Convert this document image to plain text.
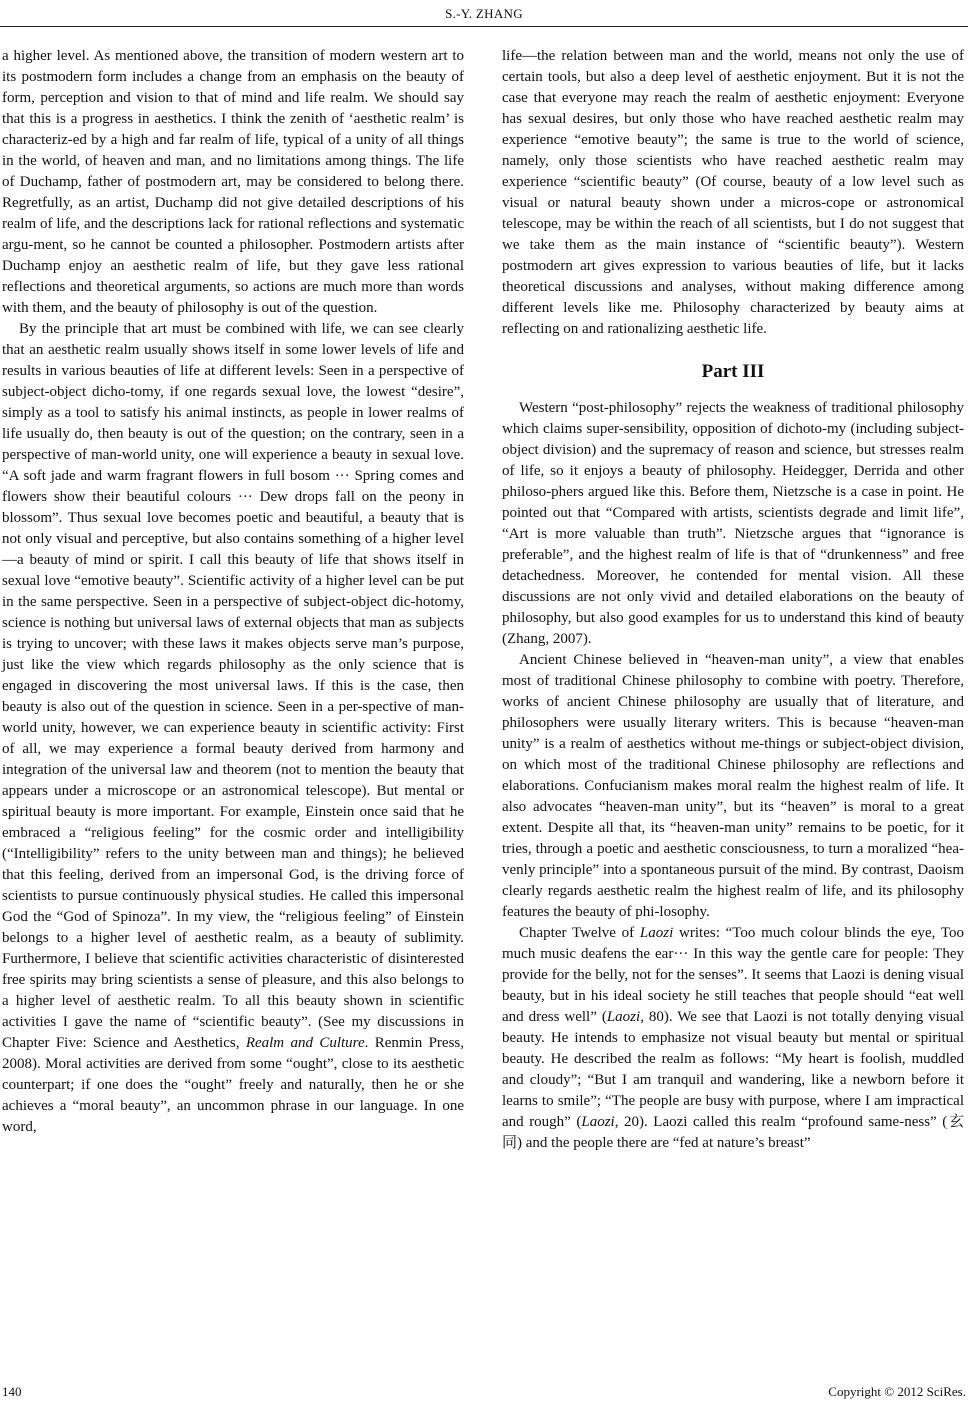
S.-Y. ZHANG

a higher level. As mentioned above, the transition of modern western art to its postmodern form includes a change from an emphasis on the beauty of form, perception and vision to that of mind and life realm. We should say that this is a progress in aesthetics. I think the zenith of ‘aesthetic realm’ is characteriz-ed by a high and far realm of life, typical of a unity of all things in the world, of heaven and man, and no limitations among things. The life of Duchamp, father of postmodern art, may be considered to belong there. Regretfully, as an artist, Duchamp did not give detailed descriptions of his realm of life, and the descriptions lack for rational reflections and systematic argu-ment, so he cannot be counted a philosopher. Postmodern artists after Duchamp enjoy an aesthetic realm of life, but they gave less rational reflections and theoretical arguments, so actions are much more than words with them, and the beauty of philosophy is out of the question.

By the principle that art must be combined with life, we can see clearly that an aesthetic realm usually shows itself in some lower levels of life and results in various beauties of life at different levels: Seen in a perspective of subject-object dicho-tomy, if one regards sexual love, the lowest “desire”, simply as a tool to satisfy his animal instincts, as people in lower realms of life usually do, then beauty is out of the question; on the contrary, seen in a perspective of man-world unity, one will experience a beauty in sexual love. “A soft jade and warm fragrant flowers in full bosom ··· Spring comes and flowers show their beautiful colours ··· Dew drops fall on the peony in blossom”. Thus sexual love becomes poetic and beautiful, a beauty that is not only visual and perceptive, but also contains something of a higher level—a beauty of mind or spirit. I call this beauty of life that shows itself in sexual love “emotive beauty”. Scientific activity of a higher level can be put in the same perspective. Seen in a perspective of subject-object dic-hotomy, science is nothing but universal laws of external objects that man as subjects is trying to uncover; with these laws it makes objects serve man’s purpose, just like the view which regards philosophy as the only science that is engaged in discovering the most universal laws. If this is the case, then beauty is also out of the question in science. Seen in a per-spective of man-world unity, however, we can experience beauty in scientific activity: First of all, we may experience a formal beauty derived from harmony and integration of the universal law and theorem (not to mention the beauty that appears under a microscope or an astronomical telescope). But mental or spiritual beauty is more important. For example, Einstein once said that he embraced a “religious feeling” for the cosmic order and intelligibility (“Intelligibility” refers to the unity between man and things); he believed that this feeling, derived from an impersonal God, is the driving force of scientists to pursue continuously physical studies. He called this impersonal God the “God of Spinoza”. In my view, the “religious feeling” of Einstein belongs to a higher level of aesthetic realm, as a beauty of sublimity. Furthermore, I believe that scientific activities characteristic of disinterested free spirits may bring scientists a sense of pleasure, and this also belongs to a higher level of aesthetic realm. To all this beauty shown in scientific activities I gave the name of “scientific beauty”. (See my discussions in Chapter Five: Science and Aesthetics, Realm and Culture. Renmin Press, 2008). Moral activities are derived from some “ought”, close to its aesthetic counterpart; if one does the “ought” freely and naturally, then he or she achieves a “moral beauty”, an uncommon phrase in our language. In one word,

life—the relation between man and the world, means not only the use of certain tools, but also a deep level of aesthetic enjoyment. But it is not the case that everyone may reach the realm of aesthetic enjoyment: Everyone has sexual desires, but only those who have reached aesthetic realm may experience “emotive beauty”; the same is true to the world of science, namely, only those scientists who have reached aesthetic realm may experience “scientific beauty” (Of course, beauty of a low level such as visual or natural beauty shown under a micros-cope or astronomical telescope, may be within the reach of all scientists, but I do not suggest that we take them as the main instance of “scientific beauty”). Western postmodern art gives expression to various beauties of life, but it lacks theoretical discussions and analyses, without making difference among different levels like me. Philosophy characterized by beauty aims at reflecting on and rationalizing aesthetic life.

Part III

Western “post-philosophy” rejects the weakness of traditional philosophy which claims super-sensibility, opposition of dichoto-my (including subject-object division) and the supremacy of reason and science, but stresses realm of life, so it enjoys a beauty of philosophy. Heidegger, Derrida and other philoso-phers argued like this. Before them, Nietzsche is a case in point. He pointed out that “Compared with artists, scientists degrade and limit life”, “Art is more valuable than truth”. Nietzsche argues that “ignorance is preferable”, and the highest realm of life is that of “drunkenness” and free detachedness. Moreover, he contended for mental vision. All these discussions are not only vivid and detailed elaborations on the beauty of philosophy, but also good examples for us to understand this kind of beauty (Zhang, 2007).

Ancient Chinese believed in “heaven-man unity”, a view that enables most of traditional Chinese philosophy to combine with poetry. Therefore, works of ancient Chinese philosophy are usually that of literature, and philosophers were usually literary writers. This is because “heaven-man unity” is a realm of aesthetics without me-things or subject-object division, on which most of the traditional Chinese philosophy are reflections and elaborations. Confucianism makes moral realm the highest realm of life. It also advocates “heaven-man unity”, but its “heaven” is moral to a great extent. Despite all that, its “heaven-man unity” remains to be poetic, for it tries, through a poetic and aesthetic consciousness, to turn a moralized “hea-venly principle” into a spontaneous pursuit of the mind. By contrast, Daoism clearly regards aesthetic realm the highest realm of life, and its philosophy features the beauty of phi-losophy.

Chapter Twelve of Laozi writes: “Too much colour blinds the eye, Too much music deafens the ear··· In this way the gentle care for people: They provide for the belly, not for the senses”. It seems that Laozi is dening visual beauty, but in his ideal society he still teaches that people should “eat well and dress well” (Laozi, 80). We see that Laozi is not totally denying visual beauty. He intends to emphasize not visual beauty but mental or spiritual beauty. He described the realm as follows: “My heart is foolish, muddled and cloudy”; “But I am tranquil and wandering, like a newborn before it learns to smile”; “The people are busy with purpose, where I am impractical and rough” (Laozi, 20). Laozi called this realm “profound same-ness” (玄同) and the people there are “fed at nature’s breast”

140	Copyright © 2012 SciRes.
